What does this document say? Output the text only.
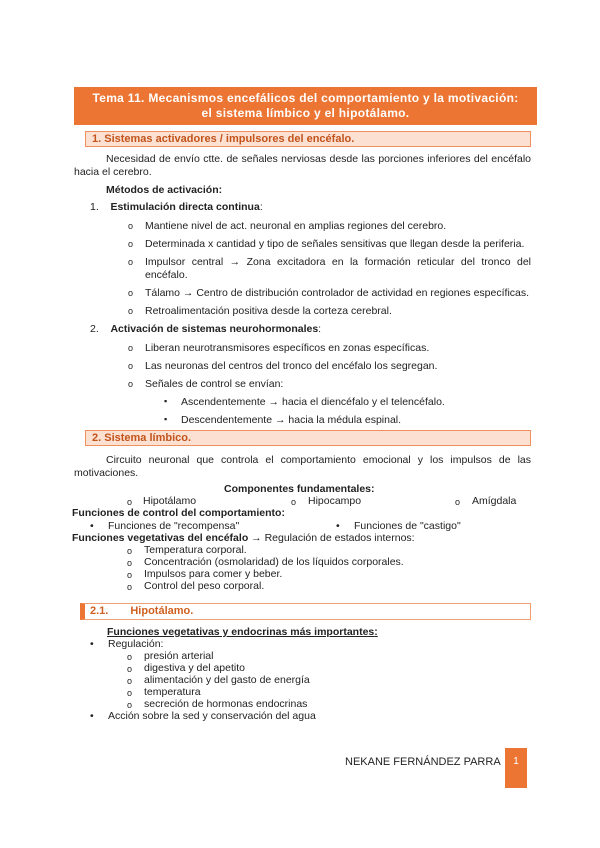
Tema 11. Mecanismos encefálicos del comportamiento y la motivación:
el sistema límbico y el hipotálamo.
1. Sistemas activadores / impulsores del encéfalo.
Necesidad de envío ctte. de señales nerviosas desde las porciones inferiores del encéfalo hacia el cerebro.
Métodos de activación:
1. Estimulación directa continua:
o Mantiene nivel de act. neuronal en amplias regiones del cerebro.
o Determinada x cantidad y tipo de señales sensitivas que llegan desde la periferia.
o Impulsor central → Zona excitadora en la formación reticular del tronco del
encéfalo.
o Tálamo → Centro de distribución controlador de actividad en regiones específicas.
o Retroalimentación positiva desde la corteza cerebral.
2. Activación de sistemas neurohormonales:
o Liberan neurotransmisores específicos en zonas específicas.
o Las neuronas del centros del tronco del encéfalo los segregan.
o Señales de control se envían:
▪ Ascendentemente → hacia el diencéfalo y el telencéfalo.
▪ Descendentemente → hacia la médula espinal.
2. Sistema límbico.
Circuito neuronal que controla el comportamiento emocional y los impulsos de las motivaciones.
Componentes fundamentales:
o Hipotálamo	o Hipocampo	o Amígdala
Funciones de control del comportamiento:
• Funciones de "recompensa"	• Funciones de "castigo"
Funciones vegetativas del encéfalo → Regulación de estados internos:
o Temperatura corporal.
o Concentración (osmolaridad) de los líquidos corporales.
o Impulsos para comer y beber.
o Control del peso corporal.
2.1. Hipotálamo.
Funciones vegetativas y endocrinas más importantes:
• Regulación:
o presión arterial
o digestiva y del apetito
o alimentación y del gasto de energía
o temperatura
o secreción de hormonas endocrinas
• Acción sobre la sed y conservación del agua
NEKANE FERNÁNDEZ PARRA	1
